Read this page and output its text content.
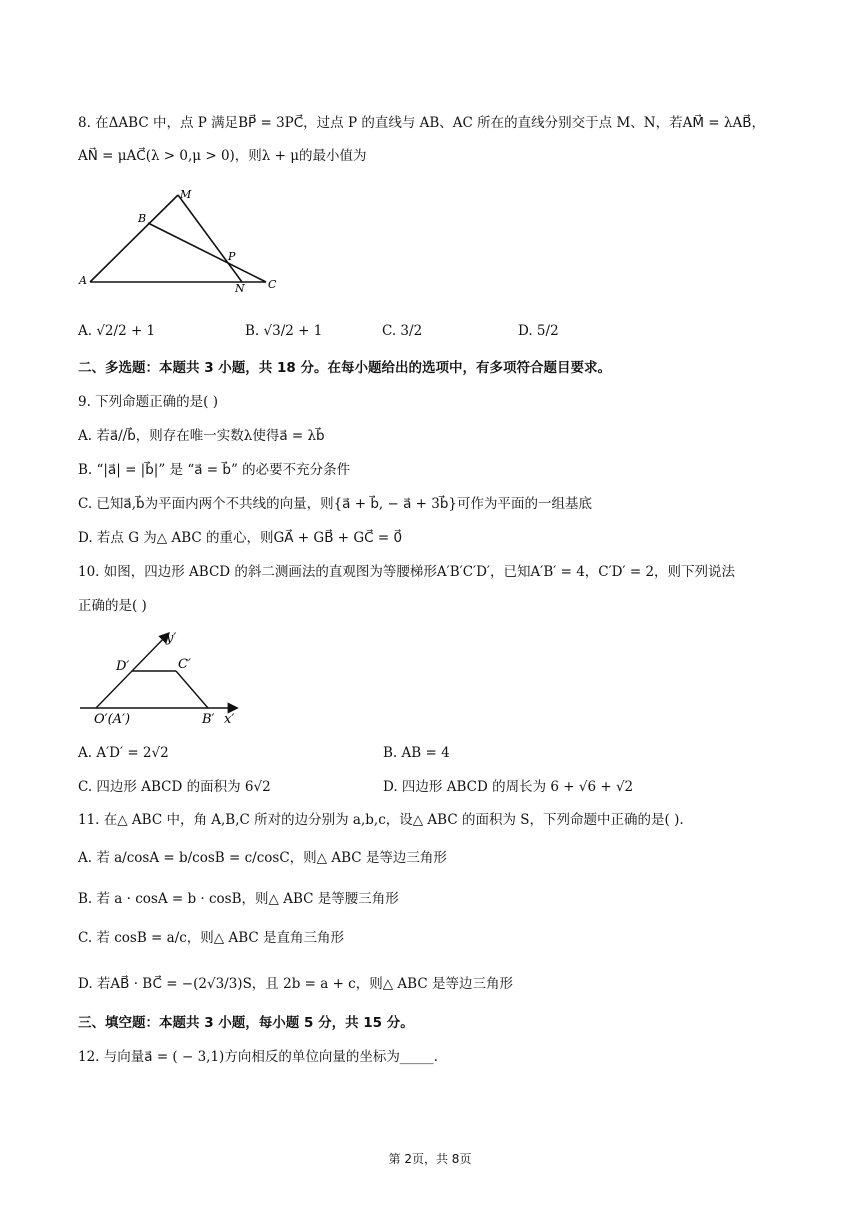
8. 在ΔABC 中，点 P 满足BP⃗ = 3PC⃗，过点 P 的直线与 AB、AC 所在的直线分别交于点 M、N，若AM⃗ = λAB⃗，
AN⃗ = μAC⃗(λ > 0,μ > 0)，则λ + μ的最小值为
M
B
P
A
N C
A. √2/2 + 1	B. √3/2 + 1	C. 3/2	D. 5/2
二、多选题：本题共 3 小题，共 18 分。在每小题给出的选项中，有多项符合题目要求。
9. 下列命题正确的是( )
A. 若a⃗//b⃗，则存在唯一实数λ使得a⃗ = λb⃗
B. “|a⃗| = |b⃗|” 是 “a⃗ = b⃗” 的必要不充分条件
C. 已知a⃗,b⃗为平面内两个不共线的向量，则{a⃗ + b⃗, − a⃗ + 3b⃗}可作为平面的一组基底
D. 若点 G 为△ ABC 的重心，则GA⃗ + GB⃗ + GC⃗ = 0⃗
10. 如图，四边形 ABCD 的斜二测画法的直观图为等腰梯形A′B′C′D′，已知A′B′ = 4，C′D′ = 2，则下列说法
正确的是( )
y′
D′	C′
O′(A′)	B′ x′
A. A′D′ = 2√2	B. AB = 4
C. 四边形 ABCD 的面积为 6√2	D. 四边形 ABCD 的周长为 6 + √6 + √2
11. 在△ ABC 中，角 A,B,C 所对的边分别为 a,b,c，设△ ABC 的面积为 S，下列命题中正确的是( ).
A. 若 a/cosA = b/cosB = c/cosC，则△ ABC 是等边三角形
B. 若 a · cosA = b · cosB，则△ ABC 是等腰三角形
C. 若 cosB = a/c，则△ ABC 是直角三角形
D. 若AB⃗ · BC⃗ = −(2√3/3)S，且 2b = a + c，则△ ABC 是等边三角形
三、填空题：本题共 3 小题，每小题 5 分，共 15 分。
12. 与向量a⃗ = ( − 3,1)方向相反的单位向量的坐标为_____.
第 2页，共 8页
